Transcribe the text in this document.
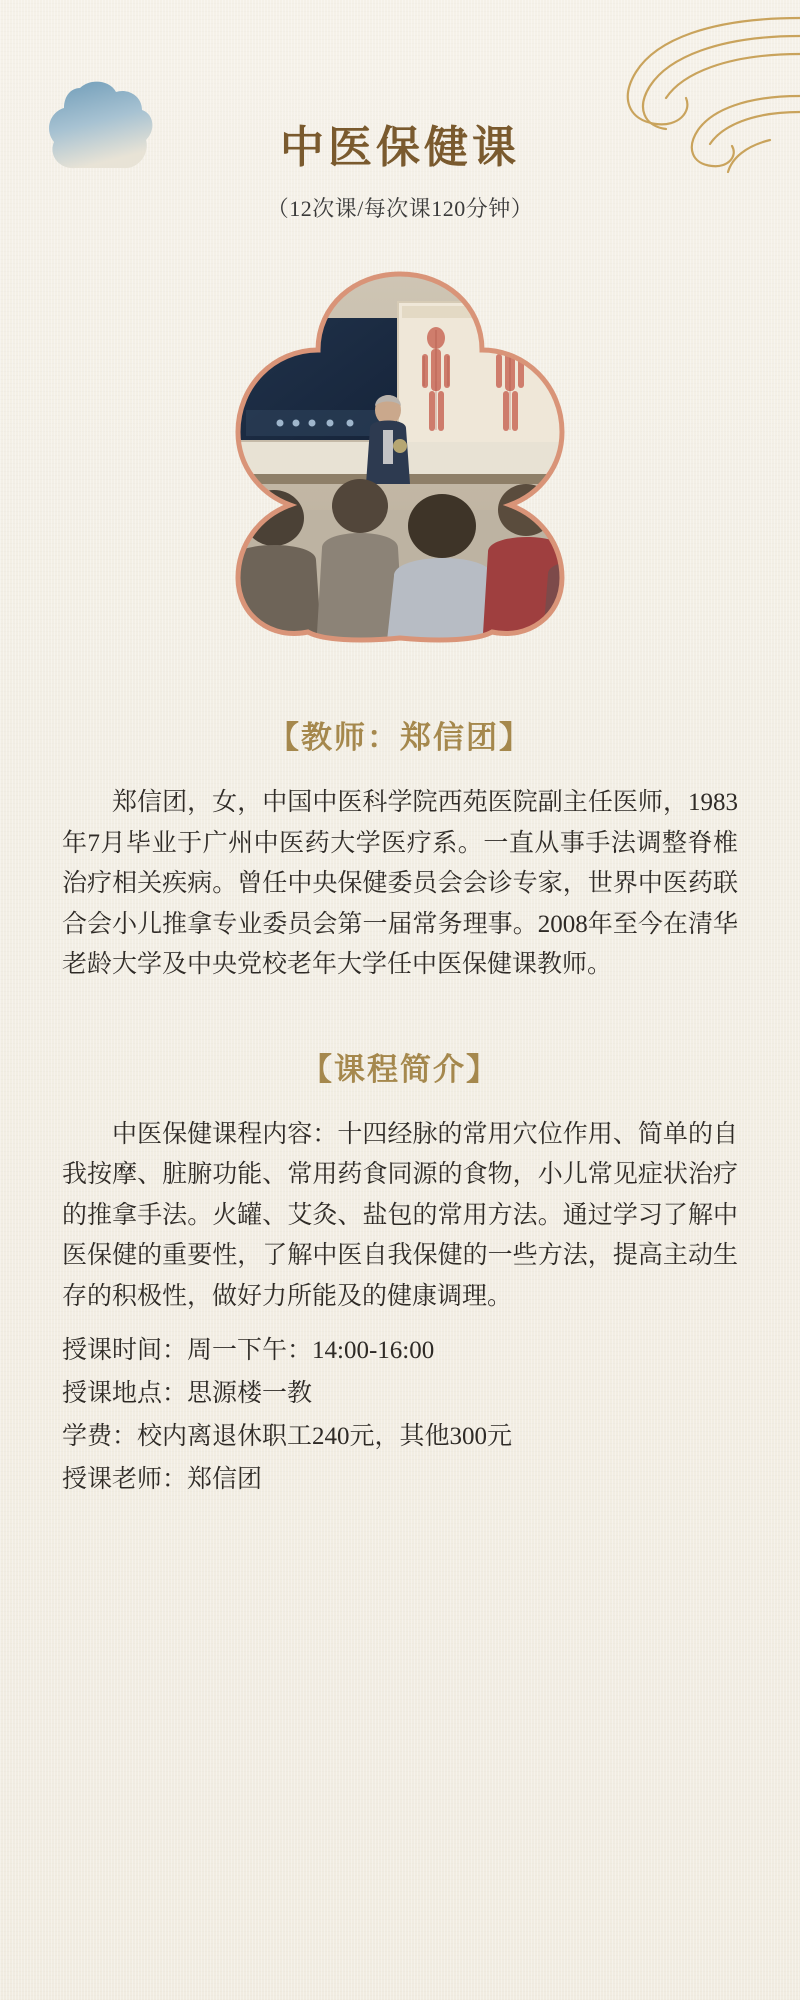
中医保健课
（12次课/每次课120分钟）
【教师：郑信团】

郑信团，女，中国中医科学院西苑医院副主任医师，1983年7月毕业于广州中医药大学医疗系。一直从事手法调整脊椎治疗相关疾病。曾任中央保健委员会会诊专家，世界中医药联合会小儿推拿专业委员会第一届常务理事。2008年至今在清华老龄大学及中央党校老年大学任中医保健课教师。

【课程简介】

中医保健课程内容：十四经脉的常用穴位作用、简单的自我按摩、脏腑功能、常用药食同源的食物，小儿常见症状治疗的推拿手法。火罐、艾灸、盐包的常用方法。通过学习了解中医保健的重要性，了解中医自我保健的一些方法，提高主动生存的积极性，做好力所能及的健康调理。

授课时间：周一下午：14:00-16:00

授课地点：思源楼一教

学费：校内离退休职工240元，其他300元

授课老师：郑信团
